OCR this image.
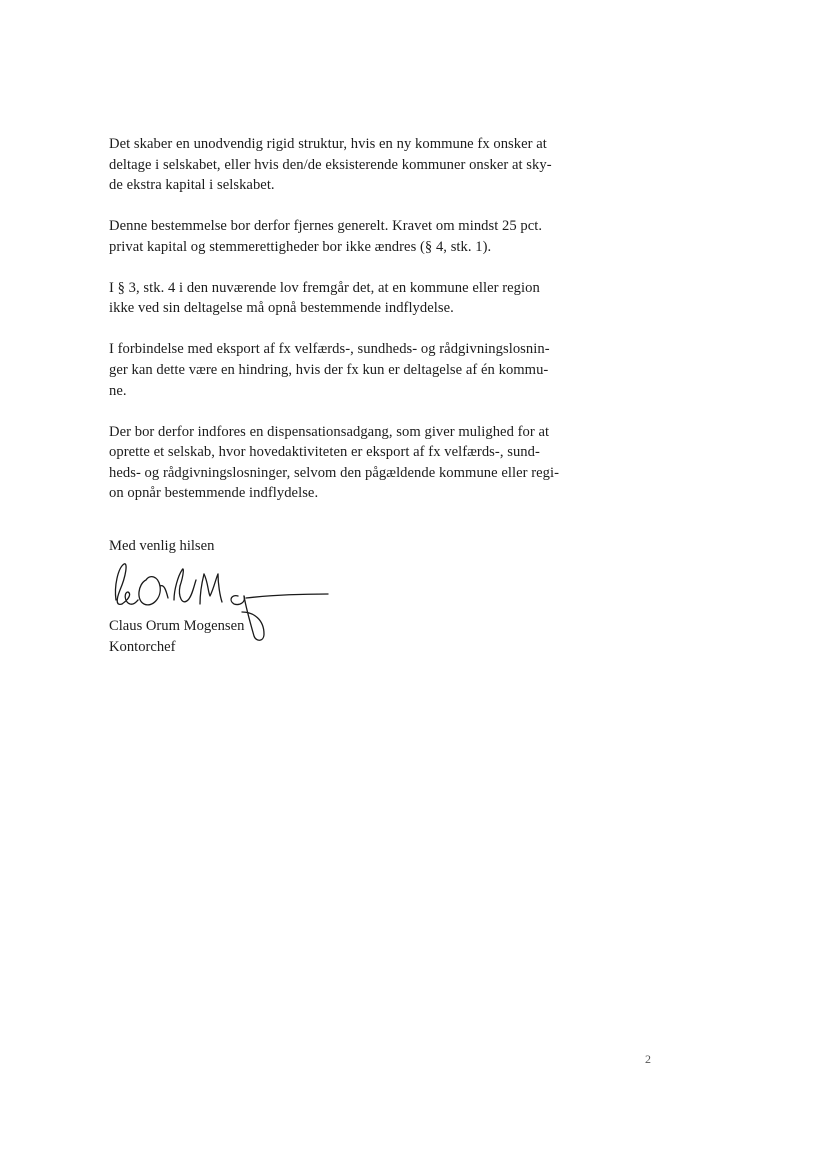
Det skaber en unodvendig rigid struktur, hvis en ny kommune fx onsker at
deltage i selskabet, eller hvis den/de eksisterende kommuner onsker at sky-
de ekstra kapital i selskabet.

Denne bestemmelse bor derfor fjernes generelt. Kravet om mindst 25 pct.
privat kapital og stemmerettigheder bor ikke ændres (§ 4, stk. 1).

I § 3, stk. 4 i den nuværende lov fremgår det, at en kommune eller region
ikke ved sin deltagelse må opnå bestemmende indflydelse.

I forbindelse med eksport af fx velfærds-, sundheds- og rådgivningslosnin-
ger kan dette være en hindring, hvis der fx kun er deltagelse af én kommu-
ne.

Der bor derfor indfores en dispensationsadgang, som giver mulighed for at
oprette et selskab, hvor hovedaktiviteten er eksport af fx velfærds-, sund-
heds- og rådgivningslosninger, selvom den pågældende kommune eller regi-
on opnår bestemmende indflydelse.

Med venlig hilsen
Claus Orum Mogensen
Kontorchef
2
